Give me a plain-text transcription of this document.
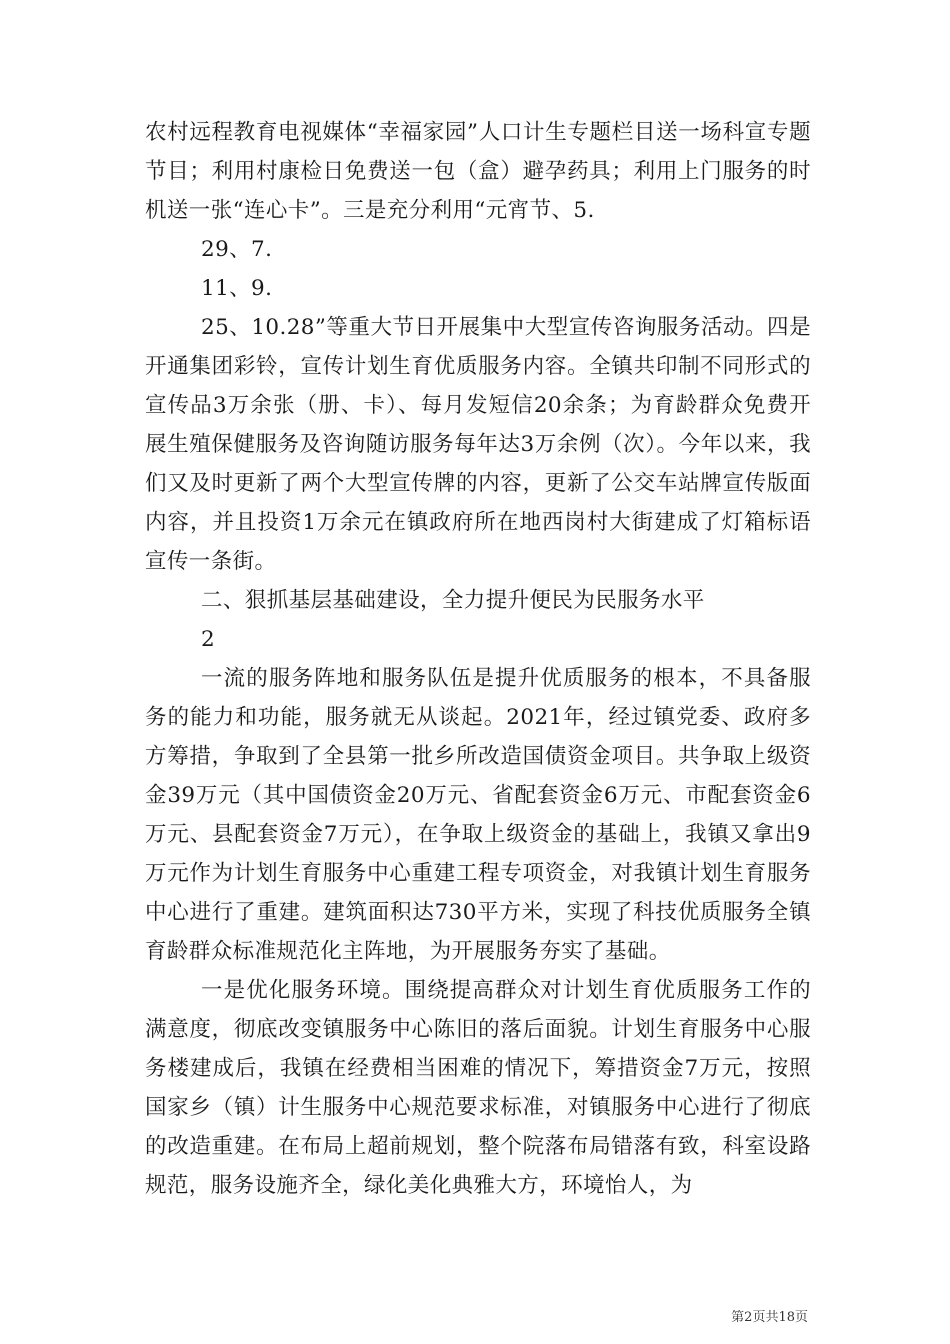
农村远程教育电视媒体“幸福家园”人口计生专题栏目送一场科宣专题节目；利用村康检日免费送一包（盒）避孕药具；利用上门服务的时机送一张“连心卡”。三是充分利用“元宵节、5.

29、7.

11、9.

25、10.28”等重大节日开展集中大型宣传咨询服务活动。四是开通集团彩铃，宣传计划生育优质服务内容。全镇共印制不同形式的宣传品3万余张（册、卡）、每月发短信20余条；为育龄群众免费开展生殖保健服务及咨询随访服务每年达3万余例（次）。今年以来，我们又及时更新了两个大型宣传牌的内容，更新了公交车站牌宣传版面内容，并且投资1万余元在镇政府所在地西岗村大街建成了灯箱标语宣传一条街。

二、狠抓基层基础建设，全力提升便民为民服务水平

2

一流的服务阵地和服务队伍是提升优质服务的根本，不具备服务的能力和功能，服务就无从谈起。2021年，经过镇党委、政府多方筹措，争取到了全县第一批乡所改造国债资金项目。共争取上级资金39万元（其中国债资金20万元、省配套资金6万元、市配套资金6万元、县配套资金7万元），在争取上级资金的基础上，我镇又拿出9万元作为计划生育服务中心重建工程专项资金，对我镇计划生育服务中心进行了重建。建筑面积达730平方米，实现了科技优质服务全镇育龄群众标准规范化主阵地，为开展服务夯实了基础。

一是优化服务环境。围绕提高群众对计划生育优质服务工作的满意度，彻底改变镇服务中心陈旧的落后面貌。计划生育服务中心服务楼建成后，我镇在经费相当困难的情况下，筹措资金7万元，按照国家乡（镇）计生服务中心规范要求标准，对镇服务中心进行了彻底的改造重建。在布局上超前规划，整个院落布局错落有致，科室设路规范，服务设施齐全，绿化美化典雅大方，环境怡人，为

第2页共18页
